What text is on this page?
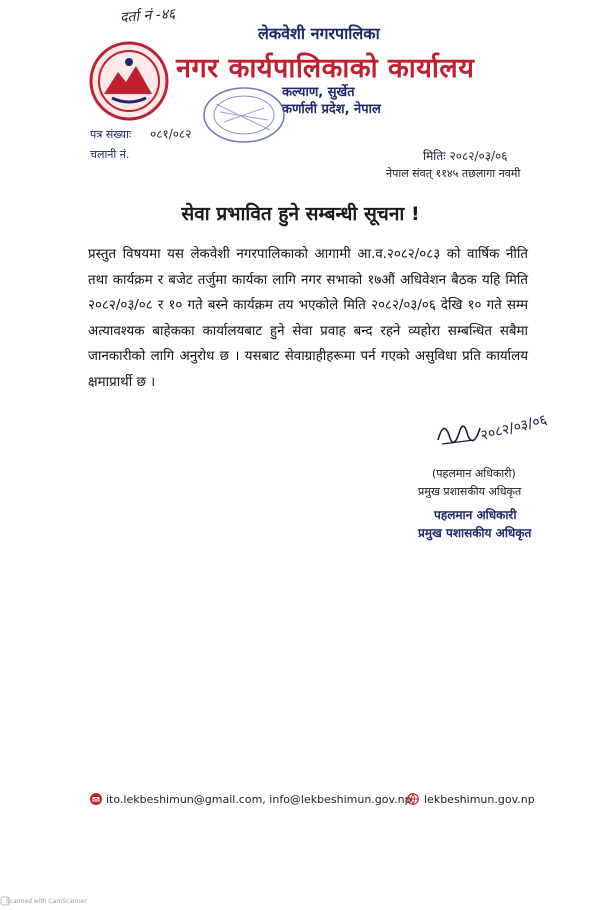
दर्ता नं -४६
लेकवेशी नगरपालिका
नगर कार्यपालिकाको कार्यालय
कल्याण, सुर्खेत
कर्णाली प्रदेश, नेपाल
पत्र संख्याः ०८१/०८२
चलानी नं.	मितिः २०८२/०३/०६
नेपाल संवत् ११४५ तछलागा नवमी
सेवा प्रभावित हुने सम्बन्धी सूचना !
प्रस्तुत विषयमा यस लेकवेशी नगरपालिकाको आगामी आ.व.२०८२/०८३ को वार्षिक नीति तथा कार्यक्रम र बजेट तर्जुमा कार्यका लागि नगर सभाको १७औं अधिवेशन बैठक यहि मिति २०८२/०३/०८ र १० गते बस्ने कार्यक्रम तय भएकोले मिति २०८२/०३/०६ देखि १० गते सम्म अत्यावश्यक बाहेकका कार्यालयबाट हुने सेवा प्रवाह बन्द रहने व्यहोरा सम्बन्धित सबैमा जानकारीको लागि अनुरोध छ । यसबाट सेवाग्राहीहरूमा पर्न गएको असुविधा प्रति कार्यालय क्षमाप्रार्थी छ ।
२०८२/०३/०६
(पहलमान अधिकारी)
प्रमुख प्रशासकीय अधिकृत
पहलमान अधिकारी
प्रमुख पशासकीय अधिकृत
ito.lekbeshimun@gmail.com, info@lekbeshimun.gov.np lekbeshimun.gov.np
Scanned with CamScanner
